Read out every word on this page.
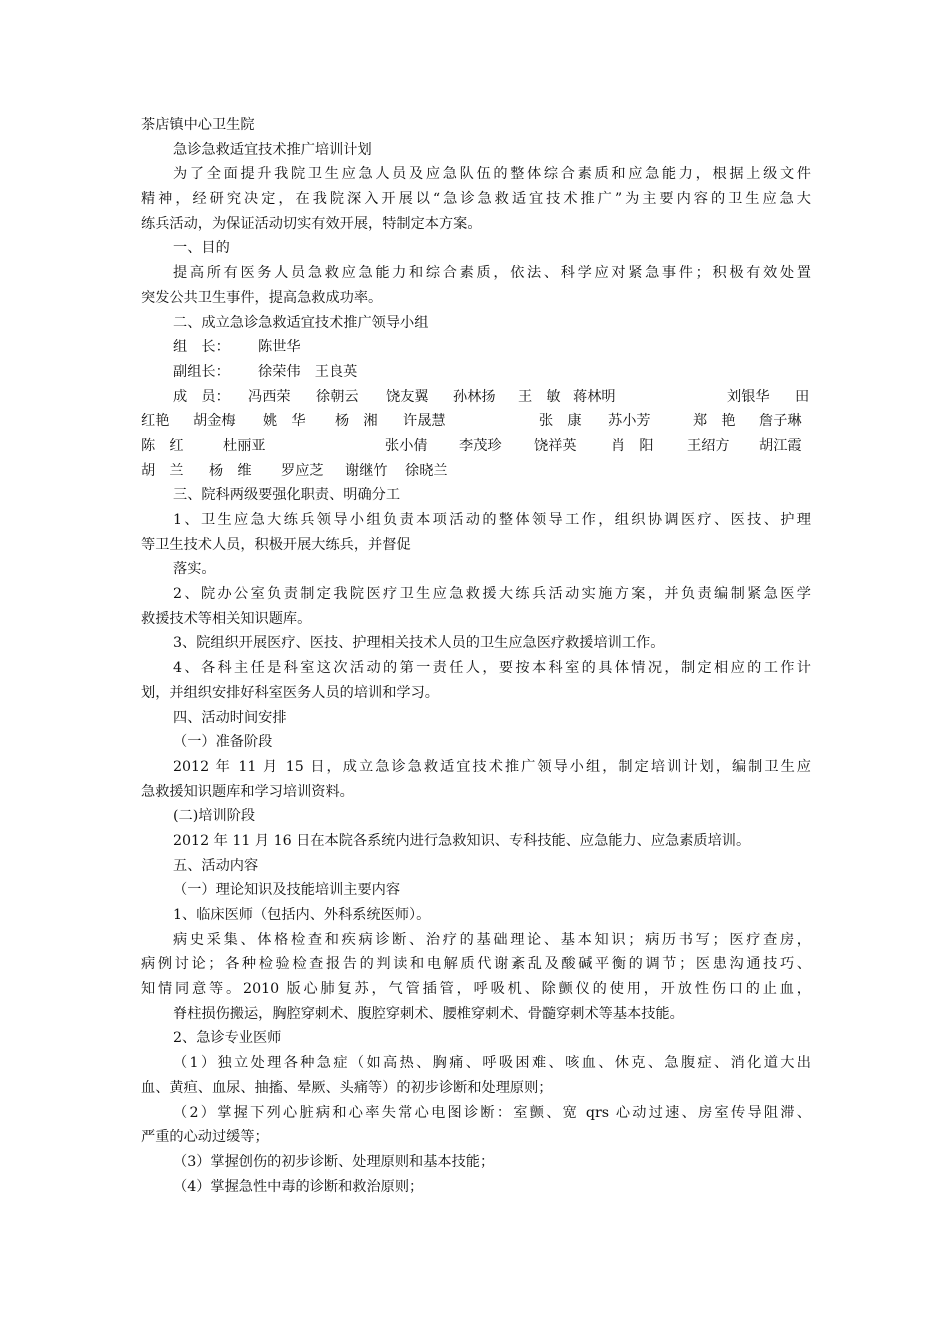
茶店镇中心卫生院
急诊急救适宜技术推广培训计划
为了全面提升我院卫生应急人员及应急队伍的整体综合素质和应急能力，根据上级文件
精神，经研究决定，在我院深入开展以“急诊急救适宜技术推广”为主要内容的卫生应急大
练兵活动，为保证活动切实有效开展，特制定本方案。
一、目的
提高所有医务人员急救应急能力和综合素质，依法、科学应对紧急事件；积极有效处置
突发公共卫生事件，提高急救成功率。
二、成立急诊急救适宜技术推广领导小组
组　长： 陈世华
副组长： 徐荣伟　王良英
成　员： 冯西荣 徐朝云 饶友翼 孙林扬 王　敏 蒋林明	刘银华 田
红艳 胡金梅 姚　华 杨　湘 许晟慧	张　康 苏小芳	郑　艳 詹子琳
陈　红	杜丽亚	张小倩 李茂珍 饶祥英 肖　阳 王绍方 胡江霞
胡　兰 杨　维 罗应芝 谢继竹 徐晓兰
三、院科两级要强化职责、明确分工
1、卫生应急大练兵领导小组负责本项活动的整体领导工作，组织协调医疗、医技、护理
等卫生技术人员，积极开展大练兵，并督促
落实。
2、院办公室负责制定我院医疗卫生应急救援大练兵活动实施方案，并负责编制紧急医学
救援技术等相关知识题库。
3、院组织开展医疗、医技、护理相关技术人员的卫生应急医疗救援培训工作。
4、各科主任是科室这次活动的第一责任人，要按本科室的具体情况，制定相应的工作计
划，并组织安排好科室医务人员的培训和学习。
四、活动时间安排
（一）准备阶段
2012 年 11 月 15 日，成立急诊急救适宜技术推广领导小组，制定培训计划，编制卫生应
急救援知识题库和学习培训资料。
(二)培训阶段
2012 年 11 月 16 日在本院各系统内进行急救知识、专科技能、应急能力、应急素质培训。
五、活动内容
（一）理论知识及技能培训主要内容
1、临床医师（包括内、外科系统医师）。
病史采集、体格检查和疾病诊断、治疗的基础理论、基本知识；病历书写；医疗查房，
病例讨论；各种检验检查报告的判读和电解质代谢紊乱及酸碱平衡的调节；医患沟通技巧、
知情同意等。2010 版心肺复苏，气管插管，呼吸机、除颤仪的使用，开放性伤口的止血，
脊柱损伤搬运，胸腔穿刺术、腹腔穿刺术、腰椎穿刺术、骨髓穿刺术等基本技能。
2、急诊专业医师
（1）独立处理各种急症（如高热、胸痛、呼吸困难、咳血、休克、急腹症、消化道大出
血、黄疸、血尿、抽搐、晕厥、头痛等）的初步诊断和处理原则；
（2）掌握下列心脏病和心率失常心电图诊断：室颤、宽 qrs 心动过速、房室传导阻滞、
严重的心动过缓等；
（3）掌握创伤的初步诊断、处理原则和基本技能；
（4）掌握急性中毒的诊断和救治原则；
